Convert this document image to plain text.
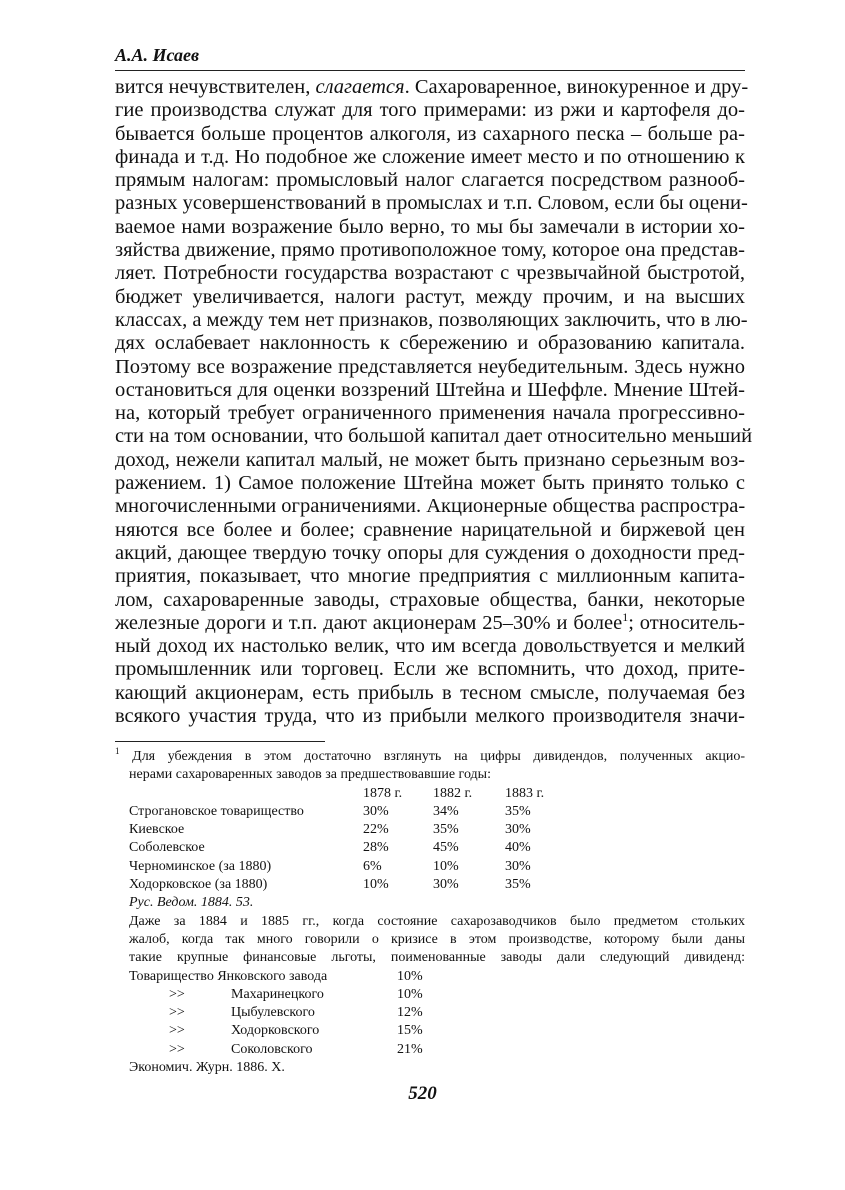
А.А. Исаев
вится нечувствителен, слагается. Сахароваренное, винокуренное и дру-
гие производства служат для того примерами: из ржи и картофеля до-
бывается больше процентов алкоголя, из сахарного песка – больше ра-
финада и т.д. Но подобное же сложение имеет место и по отношению к
прямым налогам: промысловый налог слагается посредством разнооб-
разных усовершенствований в промыслах и т.п. Словом, если бы оцени-
ваемое нами возражение было верно, то мы бы замечали в истории хо-
зяйства движение, прямо противоположное тому, которое она представ-
ляет. Потребности государства возрастают с чрезвычайной быстротой,
бюджет увеличивается, налоги растут, между прочим, и на высших
классах, а между тем нет признаков, позволяющих заключить, что в лю-
дях ослабевает наклонность к сбережению и образованию капитала.
Поэтому все возражение представляется неубедительным. Здесь нужно
остановиться для оценки воззрений Штейна и Шеффле. Мнение Штей-
на, который требует ограниченного применения начала прогрессивно-
сти на том основании, что большой капитал дает относительно меньший
доход, нежели капитал малый, не может быть признано серьезным воз-
ражением. 1) Самое положение Штейна может быть принято только с
многочисленными ограничениями. Акционерные общества распростра-
няются все более и более; сравнение нарицательной и биржевой цен
акций, дающее твердую точку опоры для суждения о доходности пред-
приятия, показывает, что многие предприятия с миллионным капита-
лом, сахароваренные заводы, страховые общества, банки, некоторые
железные дороги и т.п. дают акционерам 25–30% и более$^1$; относитель-
ный доход их настолько велик, что им всегда довольствуется и мелкий
промышленник или торговец. Если же вспомнить, что доход, прите-
кающий акционерам, есть прибыль в тесном смысле, получаемая без
всякого участия труда, что из прибыли мелкого производителя значи-
$^1$ Для убеждения в этом достаточно взглянуть на цифры дивидендов, полученных акцио-
нерами сахароваренных заводов за предшествовавшие годы:
1878 г. 1882 г. 1883 г.
Строгановское товарищество	30%	34%	35%
Киевское	22%	35%	30%
Соболевское	28%	45%	40%
Черноминское (за 1880)	6%	10%	30%
Ходорковское (за 1880)	10%	30%	35%
Рус. Ведом. 1884. 53.
Даже за 1884 и 1885 гг., когда состояние сахарозаводчиков было предметом стольких
жалоб, когда так много говорили о кризисе в этом производстве, которому были даны
такие крупные финансовые льготы, поименованные заводы дали следующий дивиденд:
Товарищество Янковского завода	10%
>>	Махаринецкого	10%
>>	Цыбулевского	12%
>>	Ходорковского	15%
>>	Соколовского	21%
Экономич. Журн. 1886. X.
520
